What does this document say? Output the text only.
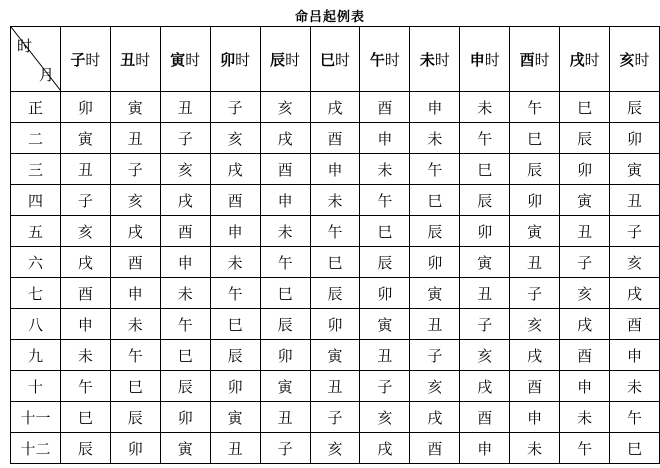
命吕起例表
时
月	子时	丑时	寅时	卯时	辰时	巳时	午时	未时	申时	酉时	戌时	亥时
正	卯	寅	丑	子	亥	戌	酉	申	未	午	巳	辰
二	寅	丑	子	亥	戌	酉	申	未	午	巳	辰	卯
三	丑	子	亥	戌	酉	申	未	午	巳	辰	卯	寅
四	子	亥	戌	酉	申	未	午	巳	辰	卯	寅	丑
五	亥	戌	酉	申	未	午	巳	辰	卯	寅	丑	子
六	戌	酉	申	未	午	巳	辰	卯	寅	丑	子	亥
七	酉	申	未	午	巳	辰	卯	寅	丑	子	亥	戌
八	申	未	午	巳	辰	卯	寅	丑	子	亥	戌	酉
九	未	午	巳	辰	卯	寅	丑	子	亥	戌	酉	申
十	午	巳	辰	卯	寅	丑	子	亥	戌	酉	申	未
十一	巳	辰	卯	寅	丑	子	亥	戌	酉	申	未	午
十二	辰	卯	寅	丑	子	亥	戌	酉	申	未	午	巳
